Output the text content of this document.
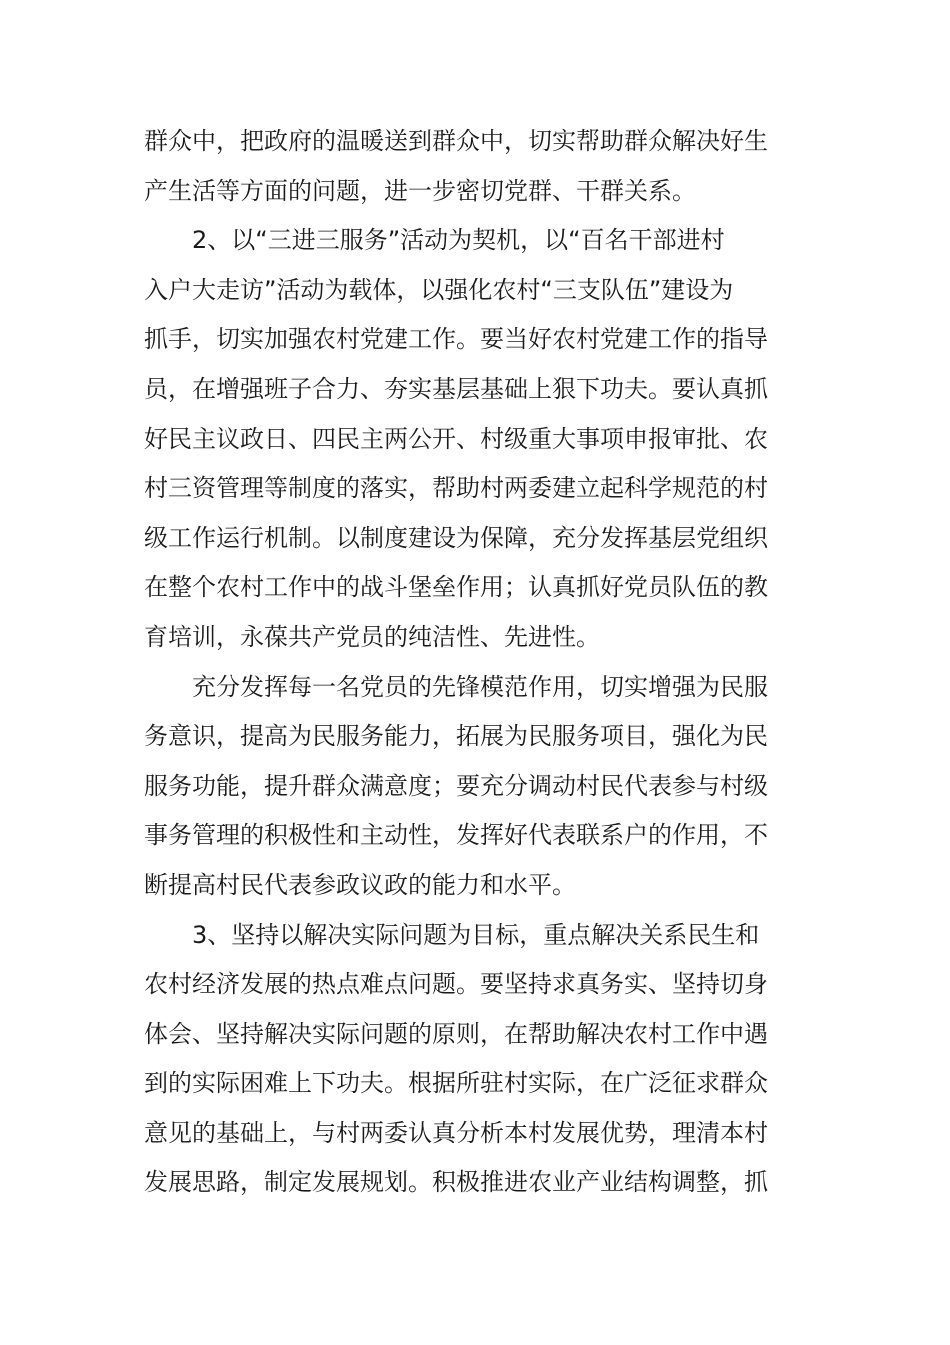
群众中，把政府的温暖送到群众中，切实帮助群众解决好生
产生活等方面的问题，进一步密切党群、干群关系。
2、以“三进三服务”活动为契机，以“百名干部进村
入户大走访”活动为载体，以强化农村“三支队伍”建设为
抓手，切实加强农村党建工作。要当好农村党建工作的指导
员，在增强班子合力、夯实基层基础上狠下功夫。要认真抓
好民主议政日、四民主两公开、村级重大事项申报审批、农
村三资管理等制度的落实，帮助村两委建立起科学规范的村
级工作运行机制。以制度建设为保障，充分发挥基层党组织
在整个农村工作中的战斗堡垒作用；认真抓好党员队伍的教
育培训，永葆共产党员的纯洁性、先进性。
充分发挥每一名党员的先锋模范作用，切实增强为民服
务意识，提高为民服务能力，拓展为民服务项目，强化为民
服务功能，提升群众满意度；要充分调动村民代表参与村级
事务管理的积极性和主动性，发挥好代表联系户的作用，不
断提高村民代表参政议政的能力和水平。
3、坚持以解决实际问题为目标，重点解决关系民生和
农村经济发展的热点难点问题。要坚持求真务实、坚持切身
体会、坚持解决实际问题的原则，在帮助解决农村工作中遇
到的实际困难上下功夫。根据所驻村实际，在广泛征求群众
意见的基础上，与村两委认真分析本村发展优势，理清本村
发展思路，制定发展规划。积极推进农业产业结构调整，抓
